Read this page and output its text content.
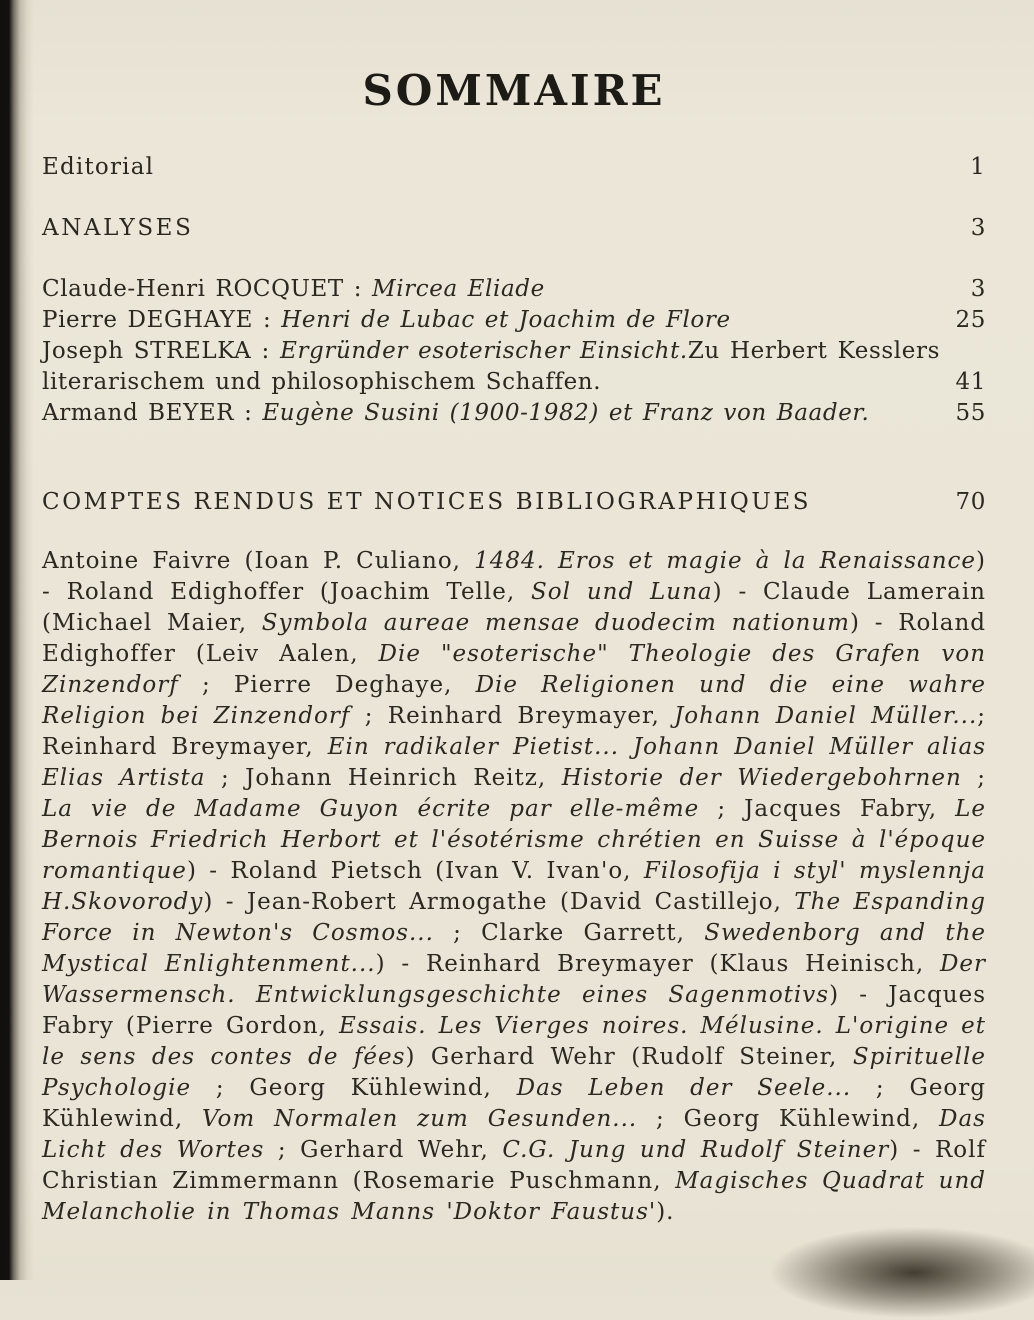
SOMMAIRE
Editorial	1
ANALYSES	3
Claude-Henri ROCQUET : Mircea Eliade	3
Pierre DEGHAYE : Henri de Lubac et Joachim de Flore	25
Joseph STRELKA : Ergründer esoterischer Einsicht.Zu Herbert Kesslers literarischem und philosophischem Schaffen.	41
Armand BEYER : Eugène Susini (1900-1982) et Franz von Baader.	55
COMPTES RENDUS ET NOTICES BIBLIOGRAPHIQUES	70

Antoine Faivre (Ioan P. Culiano, 1484. Eros et magie à la Renaissance) - Roland Edighoffer (Joachim Telle, Sol und Luna) - Claude Lamerain (Michael Maier, Symbola aureae mensae duodecim nationum) - Roland Edighoffer (Leiv Aalen, Die "esoterische" Theologie des Grafen von Zinzendorf ; Pierre Deghaye, Die Religionen und die eine wahre Religion bei Zinzendorf ; Reinhard Breymayer, Johann Daniel Müller...; Reinhard Breymayer, Ein radikaler Pietist... Johann Daniel Müller alias Elias Artista ; Johann Heinrich Reitz, Historie der Wiedergebohrnen ; La vie de Madame Guyon écrite par elle-même ; Jacques Fabry, Le Bernois Friedrich Herbort et l'ésotérisme chrétien en Suisse à l'époque romantique) - Roland Pietsch (Ivan V. Ivan'o, Filosofija i styl' myslennja H.Skovorody) - Jean-Robert Armogathe (David Castillejo, The Espanding Force in Newton's Cosmos... ; Clarke Garrett, Swedenborg and the Mystical Enlightenment...) - Reinhard Breymayer (Klaus Heinisch, Der Wassermensch. Entwicklungsgeschichte eines Sagenmotivs) - Jacques Fabry (Pierre Gordon, Essais. Les Vierges noires. Mélusine. L'origine et le sens des contes de fées) Gerhard Wehr (Rudolf Steiner, Spirituelle Psychologie ; Georg Kühlewind, Das Leben der Seele... ; Georg Kühlewind, Vom Normalen zum Gesunden... ; Georg Kühlewind, Das Licht des Wortes ; Gerhard Wehr, C.G. Jung und Rudolf Steiner) - Rolf Christian Zimmermann (Rosemarie Puschmann, Magisches Quadrat und Melancholie in Thomas Manns 'Doktor Faustus').
